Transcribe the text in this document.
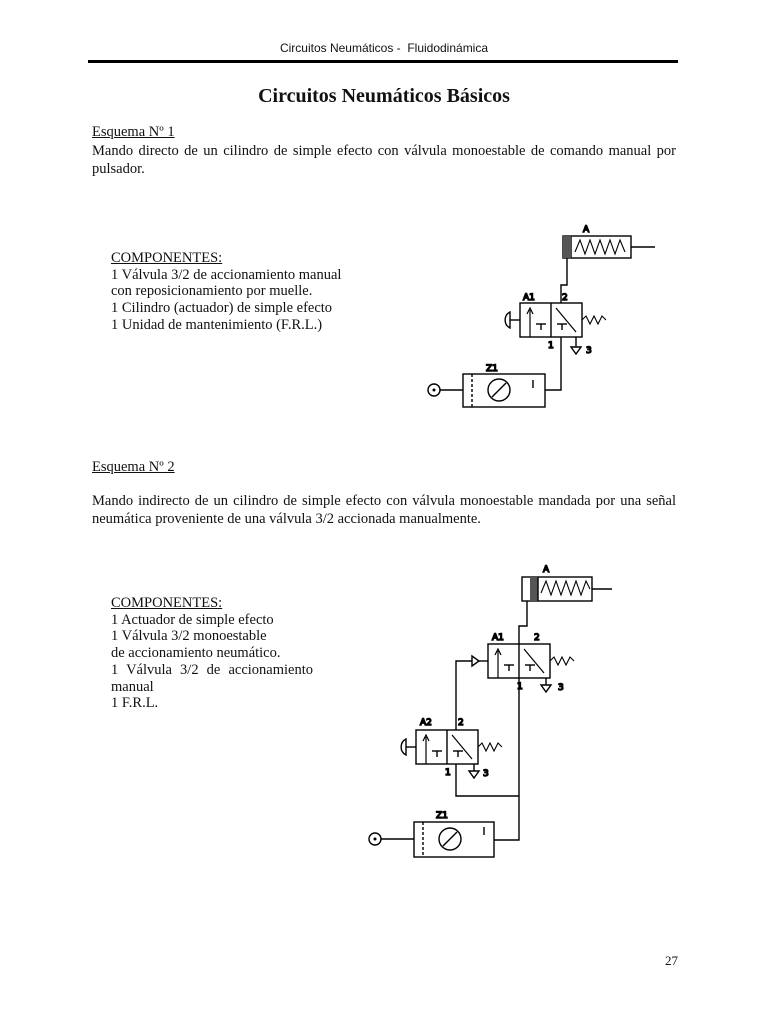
Circuitos Neumáticos -  Fluidodinámica
Circuitos Neumáticos Básicos
Esquema Nº 1
Mando directo de un cilindro de simple efecto con válvula monoestable de comando manual por pulsador.
COMPONENTES:
1 Válvula 3/2 de accionamiento manual
con reposicionamiento por muelle.
1 Cilindro (actuador) de simple efecto
1 Unidad de mantenimiento (F.R.L.)
A
A1	2
1	3
Z1
Esquema Nº 2
Mando indirecto de un cilindro de simple efecto con válvula monoestable mandada por una señal neumática proveniente de una válvula 3/2 accionada manualmente.
COMPONENTES:
1 Actuador de simple efecto
1 Válvula 3/2 monoestable
de accionamiento neumático.
1 Válvula 3/2 de accionamiento
manual
1 F.R.L.
A
A1	2
1	3
A2	2
1	3
Z1
27
